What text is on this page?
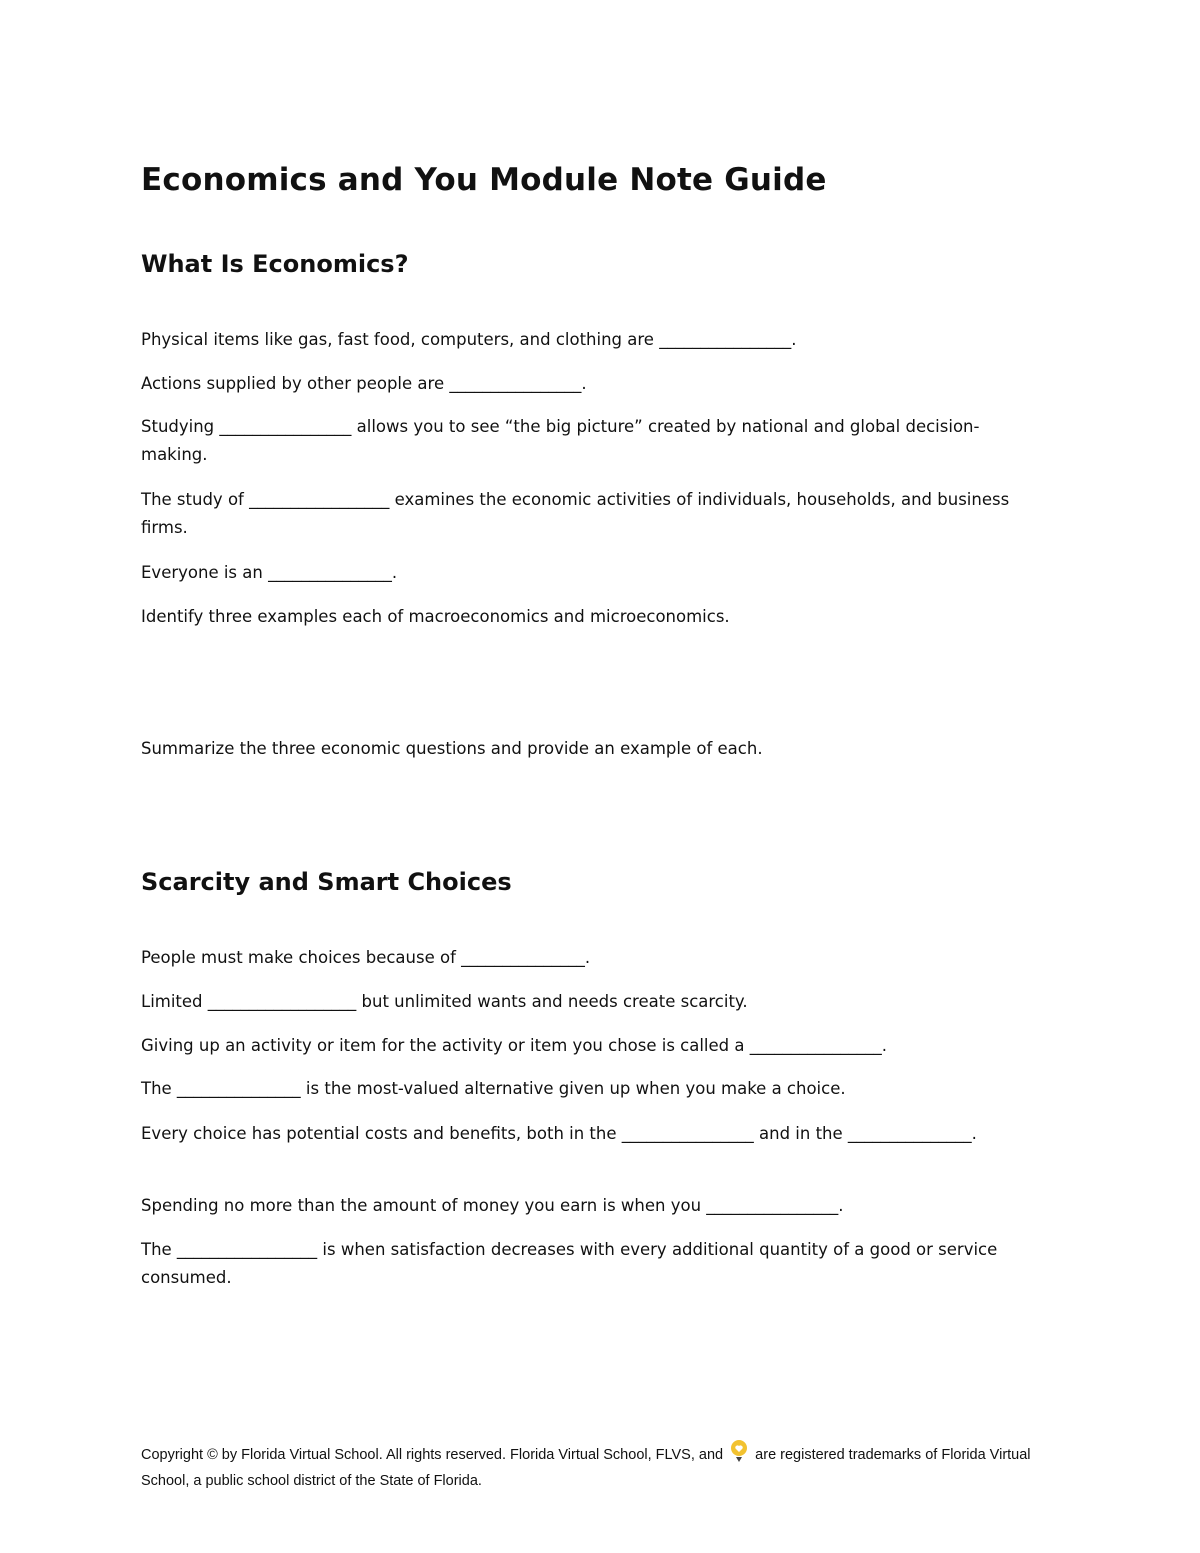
Economics and You Module Note Guide
What Is Economics?

Physical items like gas, fast food, computers, and clothing are ________________.

Actions supplied by other people are ________________.

Studying ________________ allows you to see “the big picture” created by national and global decision-making.

The study of _________________ examines the economic activities of individuals, households, and business firms.

Everyone is an _______________.

Identify three examples each of macroeconomics and microeconomics.

Summarize the three economic questions and provide an example of each.

Scarcity and Smart Choices

People must make choices because of _______________.

Limited __________________ but unlimited wants and needs create scarcity.

Giving up an activity or item for the activity or item you chose is called a ________________.

The _______________ is the most-valued alternative given up when you make a choice.

Every choice has potential costs and benefits, both in the ________________ and in the _______________.

Spending no more than the amount of money you earn is when you ________________.

The _________________ is when satisfaction decreases with every additional quantity of a good or service consumed.

Copyright © by Florida Virtual School. All rights reserved. Florida Virtual School, FLVS, and are registered trademarks of Florida Virtual School, a public school district of the State of Florida.
